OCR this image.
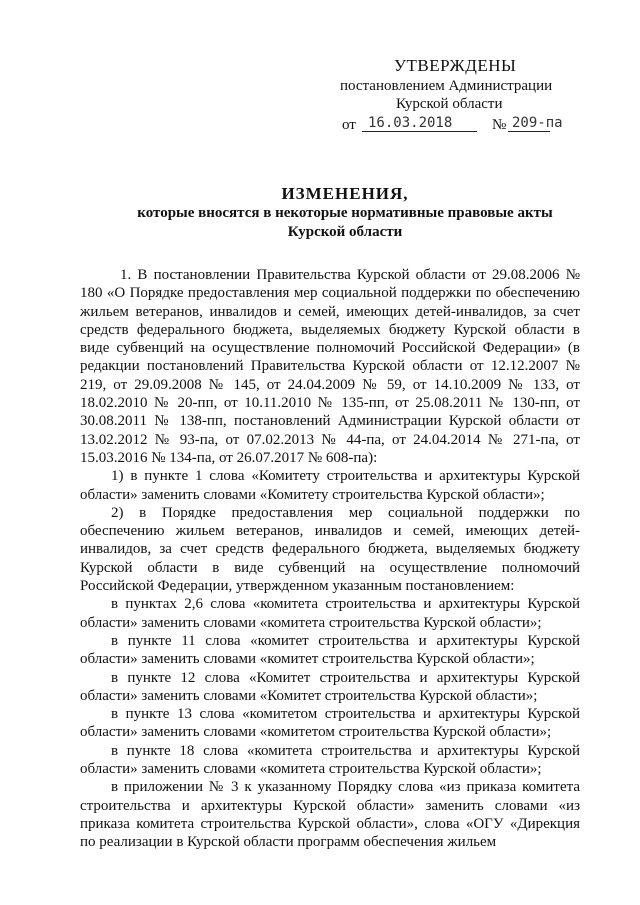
УТВЕРЖДЕНЫ
постановлением Администрации
Курской области
от 16.03.2018	№ 209-па
ИЗМЕНЕНИЯ,
которые вносятся в некоторые нормативные правовые акты
Курской области

1. В постановлении Правительства Курской области от 29.08.2006 № 180 «О Порядке предоставления мер социальной поддержки по обеспечению жильем ветеранов, инвалидов и семей, имеющих детей-инвалидов, за счет средств федерального бюджета, выделяемых бюджету Курской области в виде субвенций на осуществление полномочий Российской Федерации» (в редакции постановлений Правительства Курской области от 12.12.2007 № 219, от 29.09.2008 № 145, от 24.04.2009 № 59, от 14.10.2009 № 133, от 18.02.2010 № 20-пп, от 10.11.2010 № 135-пп, от 25.08.2011 № 130-пп, от 30.08.2011 № 138-пп, постановлений Администрации Курской области от 13.02.2012 № 93-па, от 07.02.2013 № 44-па, от 24.04.2014 № 271-па, от 15.03.2016 № 134-па, от 26.07.2017 № 608-па):

1) в пункте 1 слова «Комитету строительства и архитектуры Курской области» заменить словами «Комитету строительства Курской области»;

2) в Порядке предоставления мер социальной поддержки по обеспечению жильем ветеранов, инвалидов и семей, имеющих детей-инвалидов, за счет средств федерального бюджета, выделяемых бюджету Курской области в виде субвенций на осуществление полномочий Российской Федерации, утвержденном указанным постановлением:

в пунктах 2,6 слова «комитета строительства и архитектуры Курской области» заменить словами «комитета строительства Курской области»;

в пункте 11 слова «комитет строительства и архитектуры Курской области» заменить словами «комитет строительства Курской области»;

в пункте 12 слова «Комитет строительства и архитектуры Курской области» заменить словами «Комитет строительства Курской области»;

в пункте 13 слова «комитетом строительства и архитектуры Курской области» заменить словами «комитетом строительства Курской области»;

в пункте 18 слова «комитета строительства и архитектуры Курской области» заменить словами «комитета строительства Курской области»;

в приложении № 3 к указанному Порядку слова «из приказа комитета строительства и архитектуры Курской области» заменить словами «из приказа комитета строительства Курской области», слова «ОГУ «Дирекция по реализации в Курской области программ обеспечения жильем
